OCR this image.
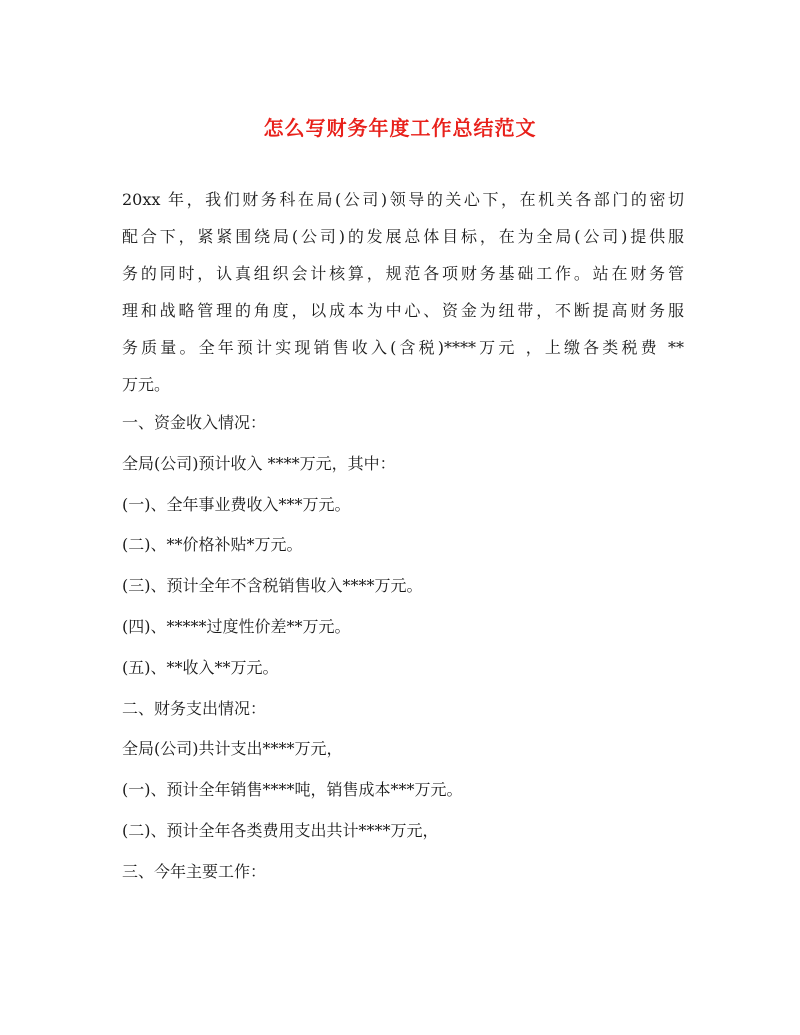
怎么写财务年度工作总结范文
20xx 年，我们财务科在局(公司)领导的关心下，在机关各部门的密切
配合下，紧紧围绕局(公司)的发展总体目标，在为全局(公司)提供服
务的同时，认真组织会计核算，规范各项财务基础工作。站在财务管
理和战略管理的角度，以成本为中心、资金为纽带，不断提高财务服
务质量。全年预计实现销售收入(含税)****万元 ，上缴各类税费 **
万元。

一、资金收入情况：

全局(公司)预计收入 ****万元，其中：

(一)、全年事业费收入***万元。

(二)、**价格补贴*万元。

(三)、预计全年不含税销售收入****万元。

(四)、*****过度性价差**万元。

(五)、**收入**万元。

二、财务支出情况：

全局(公司)共计支出****万元，

(一)、预计全年销售****吨，销售成本***万元。

(二)、预计全年各类费用支出共计****万元，

三、今年主要工作：
